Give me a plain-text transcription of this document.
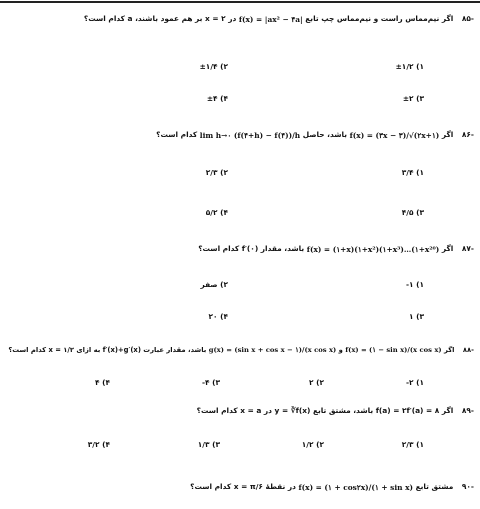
-۸۵ اگر نیم‌مماس راست و نیم‌مماس چپ تابع f(x) = |ax² − ۴a| در x = ۲ بر هم عمود باشند، a کدام است؟
۱) ±۱/۲
۲) ±۱/۴
۳) ±۲
۴) ±۴
-۸۶ اگر f(x) = (۳x − ۳)/√(۲x+۱) باشد، حاصل lim h→۰ (f(۴+h) − f(۴))/h کدام است؟
۱) ۳/۴
۲) ۲/۳
۳) ۴/۵
۴) ۵/۲
-۸۷ اگر f(x) = (۱+x)(۱+x²)(۱+x³)…(۱+x²⁰) باشد، مقدار f′(۰) کدام است؟
۱) ۱-
۲) صفر
۳) ۱
۴) ۲۰
-۸۸ اگر f(x) = (۱ − sin x)/(x cos x) و g(x) = (sin x + cos x − ۱)/(x cos x) باشد، مقدار عبارت f′(x)+g′(x) به ازای x = ۱/۲ کدام است؟
۱) ۲-
۲) ۲
۳) ۴-
۴) ۴
-۸۹ اگر f(a) = ۲f′(a) = ۸ باشد، مشتق تابع y = ∛f(x) در x = a کدام است؟
۱) ۲/۳
۲) ۱/۲
۳) ۱/۳
۴) ۳/۲
-۹۰ مشتق تابع f(x) = (۱ + cos۲x)/(۱ + sin x) در نقطهٔ x = π/۶ کدام است؟
